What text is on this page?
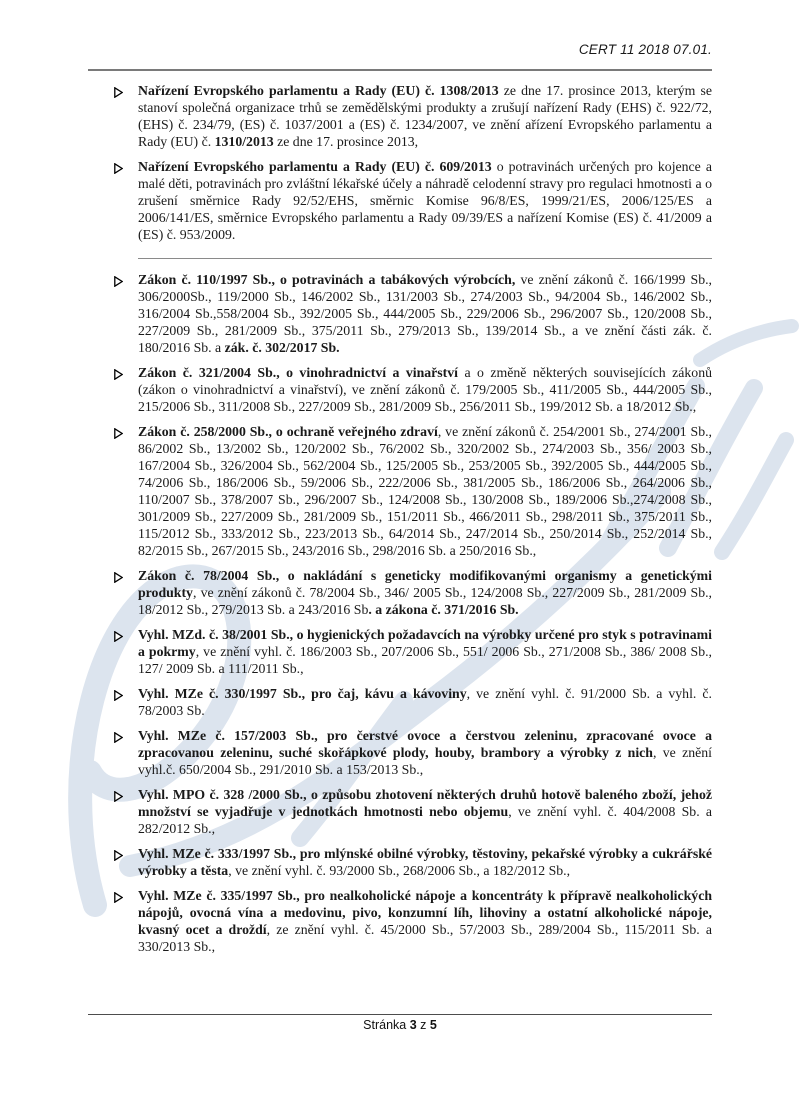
CERT 11 2018 07.01.
Nařízení Evropského parlamentu a Rady (EU) č. 1308/2013 ze dne 17. prosince 2013, kterým se stanoví společná organizace trhů se zemědělskými produkty a zrušují nařízení Rady (EHS) č. 922/72, (EHS) č. 234/79, (ES) č. 1037/2001 a (ES) č. 1234/2007, ve znění ařízení Evropského parlamentu a Rady (EU) č. 1310/2013 ze dne 17. prosince 2013,
Nařízení Evropského parlamentu a Rady (EU) č. 609/2013 o potravinách určených pro kojence a malé děti, potravinách pro zvláštní lékařské účely a náhradě celodenní stravy pro regulaci hmotnosti a o zrušení směrnice Rady 92/52/EHS, směrnic Komise 96/8/ES, 1999/21/ES, 2006/125/ES a 2006/141/ES, směrnice Evropského parlamentu a Rady 09/39/ES a nařízení Komise (ES) č. 41/2009 a (ES) č. 953/2009.
Zákon č. 110/1997 Sb., o potravinách a tabákových výrobcích, ve znění zákonů č. 166/1999 Sb., 306/2000Sb., 119/2000 Sb., 146/2002 Sb., 131/2003 Sb., 274/2003 Sb., 94/2004 Sb., 146/2002 Sb., 316/2004 Sb.,558/2004 Sb., 392/2005 Sb., 444/2005 Sb., 229/2006 Sb., 296/2007 Sb., 120/2008 Sb., 227/2009 Sb., 281/2009 Sb., 375/2011 Sb., 279/2013 Sb., 139/2014 Sb., a ve znění části zák. č. 180/2016 Sb. a zák. č. 302/2017 Sb.
Zákon č. 321/2004 Sb., o vinohradnictví a vinařství a o změně některých souvisejících zákonů (zákon o vinohradnictví a vinařství), ve znění zákonů č. 179/2005 Sb., 411/2005 Sb., 444/2005 Sb., 215/2006 Sb., 311/2008 Sb., 227/2009 Sb., 281/2009 Sb., 256/2011 Sb., 199/2012 Sb. a 18/2012 Sb.,
Zákon č. 258/2000 Sb., o ochraně veřejného zdraví, ve znění zákonů č. 254/2001 Sb., 274/2001 Sb., 86/2002 Sb., 13/2002 Sb., 120/2002 Sb., 76/2002 Sb., 320/2002 Sb., 274/2003 Sb., 356/ 2003 Sb., 167/2004 Sb., 326/2004 Sb., 562/2004 Sb., 125/2005 Sb., 253/2005 Sb., 392/2005 Sb., 444/2005 Sb., 74/2006 Sb., 186/2006 Sb., 59/2006 Sb., 222/2006 Sb., 381/2005 Sb., 186/2006 Sb., 264/2006 Sb., 110/2007 Sb., 378/2007 Sb., 296/2007 Sb., 124/2008 Sb., 130/2008 Sb., 189/2006 Sb.,274/2008 Sb., 301/2009 Sb., 227/2009 Sb., 281/2009 Sb., 151/2011 Sb., 466/2011 Sb., 298/2011 Sb., 375/2011 Sb., 115/2012 Sb., 333/2012 Sb., 223/2013 Sb., 64/2014 Sb., 247/2014 Sb., 250/2014 Sb., 252/2014 Sb., 82/2015 Sb., 267/2015 Sb., 243/2016 Sb., 298/2016 Sb. a 250/2016 Sb.,
Zákon č. 78/2004 Sb., o nakládání s geneticky modifikovanými organismy a genetickými produkty, ve znění zákonů č. 78/2004 Sb., 346/ 2005 Sb., 124/2008 Sb., 227/2009 Sb., 281/2009 Sb., 18/2012 Sb., 279/2013 Sb. a 243/2016 Sb. a zákona č. 371/2016 Sb.
Vyhl. MZd. č. 38/2001 Sb., o hygienických požadavcích na výrobky určené pro styk s potravinami a pokrmy, ve znění vyhl. č. 186/2003 Sb., 207/2006 Sb., 551/ 2006 Sb., 271/2008 Sb., 386/ 2008 Sb., 127/ 2009 Sb. a 111/2011 Sb.,
Vyhl. MZe č. 330/1997 Sb., pro čaj, kávu a kávoviny, ve znění vyhl. č. 91/2000 Sb. a vyhl. č. 78/2003 Sb.
Vyhl. MZe č. 157/2003 Sb., pro čerstvé ovoce a čerstvou zeleninu, zpracované ovoce a zpracovanou zeleninu, suché skořápkové plody, houby, brambory a výrobky z nich, ve znění vyhl.č. 650/2004 Sb., 291/2010 Sb. a 153/2013 Sb.,
Vyhl. MPO č. 328 /2000 Sb., o způsobu zhotovení některých druhů hotově baleného zboží, jehož množství se vyjadřuje v jednotkách hmotnosti nebo objemu, ve znění vyhl. č. 404/2008 Sb. a 282/2012 Sb.,
Vyhl. MZe č. 333/1997 Sb., pro mlýnské obilné výrobky, těstoviny, pekařské výrobky a cukrářské výrobky a těsta, ve znění vyhl. č. 93/2000 Sb., 268/2006 Sb., a 182/2012 Sb.,
Vyhl. MZe č. 335/1997 Sb., pro nealkoholické nápoje a koncentráty k přípravě nealkoholických nápojů, ovocná vína a medovinu, pivo, konzumní líh, lihoviny a ostatní alkoholické nápoje, kvasný ocet a droždí, ze znění vyhl. č. 45/2000 Sb., 57/2003 Sb., 289/2004 Sb., 115/2011 Sb. a 330/2013 Sb.,
Stránka 3 z 5
